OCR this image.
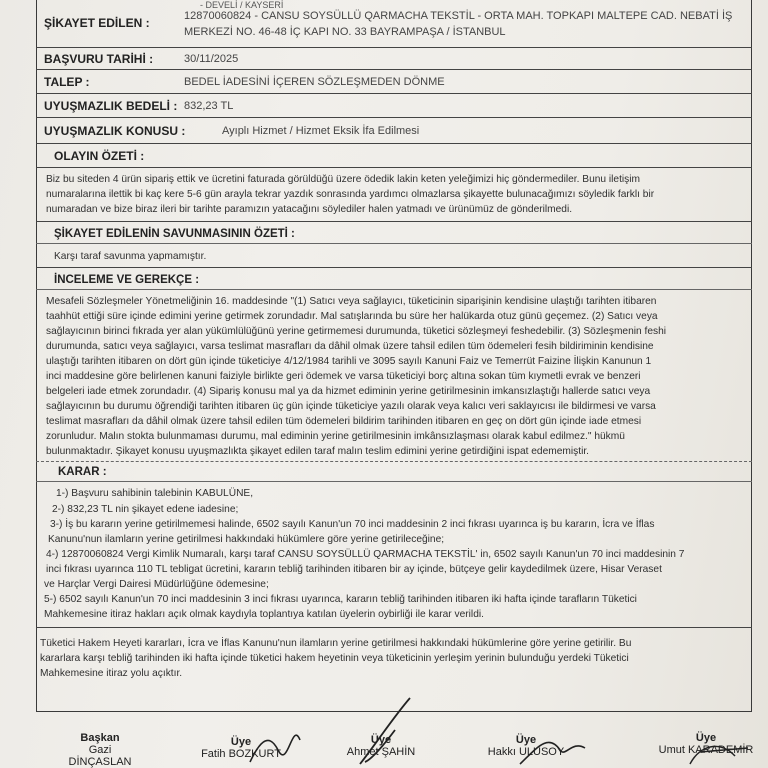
- DEVELİ / KAYSERİ
ŞİKAYET EDİLEN :	12870060824 - CANSU SOYSÜLLÜ QARMACHA TEKSTİL - ORTA MAH. TOPKAPI MALTEPE CAD. NEBATİ İŞ
MERKEZİ NO. 46-48 İÇ KAPI NO. 33 BAYRAMPAŞA / İSTANBUL
BAŞVURU TARİHİ :	30/11/2025
TALEP :	BEDEL İADESİNİ İÇEREN SÖZLEŞMEDEN DÖNME
UYUŞMAZLIK BEDELİ : 832,23 TL
UYUŞMAZLIK KONUSU :	Ayıplı Hizmet / Hizmet Eksik İfa Edilmesi
OLAYIN ÖZETİ :
Biz bu siteden 4 ürün sipariş ettik ve ücretini faturada görüldüğü üzere ödedik lakin keten yeleğimizi hiç göndermediler. Bunu iletişim
numaralarına ilettik bi kaç kere 5-6 gün arayla tekrar yazdık sonrasında yardımcı olmazlarsa şikayette bulunacağımızı söyledik farklı bir
numaradan ve bize biraz ileri bir tarihte paramızın yatacağını söylediler halen yatmadı ve ürünümüz de gönderilmedi.
ŞİKAYET EDİLENİN SAVUNMASININ ÖZETİ :
Karşı taraf savunma yapmamıştır.
İNCELEME VE GEREKÇE :
Mesafeli Sözleşmeler Yönetmeliğinin 16. maddesinde "(1) Satıcı veya sağlayıcı, tüketicinin siparişinin kendisine ulaştığı tarihten itibaren
taahhüt ettiği süre içinde edimini yerine getirmek zorundadır. Mal satışlarında bu süre her halükarda otuz günü geçemez. (2) Satıcı veya
sağlayıcının birinci fıkrada yer alan yükümlülüğünü yerine getirmemesi durumunda, tüketici sözleşmeyi feshedebilir. (3) Sözleşmenin feshi
durumunda, satıcı veya sağlayıcı, varsa teslimat masrafları da dâhil olmak üzere tahsil edilen tüm ödemeleri fesih bildiriminin kendisine
ulaştığı tarihten itibaren on dört gün içinde tüketiciye 4/12/1984 tarihli ve 3095 sayılı Kanuni Faiz ve Temerrüt Faizine İlişkin Kanunun 1
inci maddesine göre belirlenen kanuni faiziyle birlikte geri ödemek ve varsa tüketiciyi borç altına sokan tüm kıymetli evrak ve benzeri
belgeleri iade etmek zorundadır. (4) Sipariş konusu mal ya da hizmet ediminin yerine getirilmesinin imkansızlaştığı hallerde satıcı veya
sağlayıcının bu durumu öğrendiği tarihten itibaren üç gün içinde tüketiciye yazılı olarak veya kalıcı veri saklayıcısı ile bildirmesi ve varsa
teslimat masrafları da dâhil olmak üzere tahsil edilen tüm ödemeleri bildirim tarihinden itibaren en geç on dört gün içinde iade etmesi
zorunludur. Malın stokta bulunmaması durumu, mal ediminin yerine getirilmesinin imkânsızlaşması olarak kabul edilmez." hükmü
bulunmaktadır. Şikayet konusu uyuşmazlıkta şikayet edilen taraf malın teslim edimini yerine getirdiğini ispat edememiştir.
KARAR :
1-) Başvuru sahibinin talebinin KABULÜNE,
2-) 832,23 TL nin şikayet edene iadesine;
3-) İş bu kararın yerine getirilmemesi halinde, 6502 sayılı Kanun'un 70 inci maddesinin 2 inci fıkrası uyarınca iş bu kararın, İcra ve İflas
Kanunu'nun ilamların yerine getirilmesi hakkındaki hükümlere göre yerine getirileceğine;
4-) 12870060824 Vergi Kimlik Numaralı, karşı taraf CANSU SOYSÜLLÜ QARMACHA TEKSTİL' in, 6502 sayılı Kanun'un 70 inci maddesinin 7
inci fıkrası uyarınca 110 TL tebligat ücretini, kararın tebliğ tarihinden itibaren bir ay içinde, bütçeye gelir kaydedilmek üzere, Hisar Veraset
ve Harçlar Vergi Dairesi Müdürlüğüne ödemesine;
5-) 6502 sayılı Kanun'un 70 inci maddesinin 3 inci fıkrası uyarınca, kararın tebliğ tarihinden itibaren iki hafta içinde tarafların Tüketici
Mahkemesine itiraz hakları açık olmak kaydıyla toplantıya katılan üyelerin oybirliği ile karar verildi.
Tüketici Hakem Heyeti kararları, İcra ve İflas Kanunu'nun ilamların yerine getirilmesi hakkındaki hükümlerine göre yerine getirilir. Bu
kararlara karşı tebliğ tarihinden iki hafta içinde tüketici hakem heyetinin veya tüketicinin yerleşim yerinin bulunduğu yerdeki Tüketici
Mahkemesine itiraz yolu açıktır.
Başkan
Gazi DİNÇASLAN
Üye
Fatih BOZKURT
Üye
Ahmet ŞAHİN
Üye
Hakkı ULUSOY
Üye
Umut KARADEMİR
